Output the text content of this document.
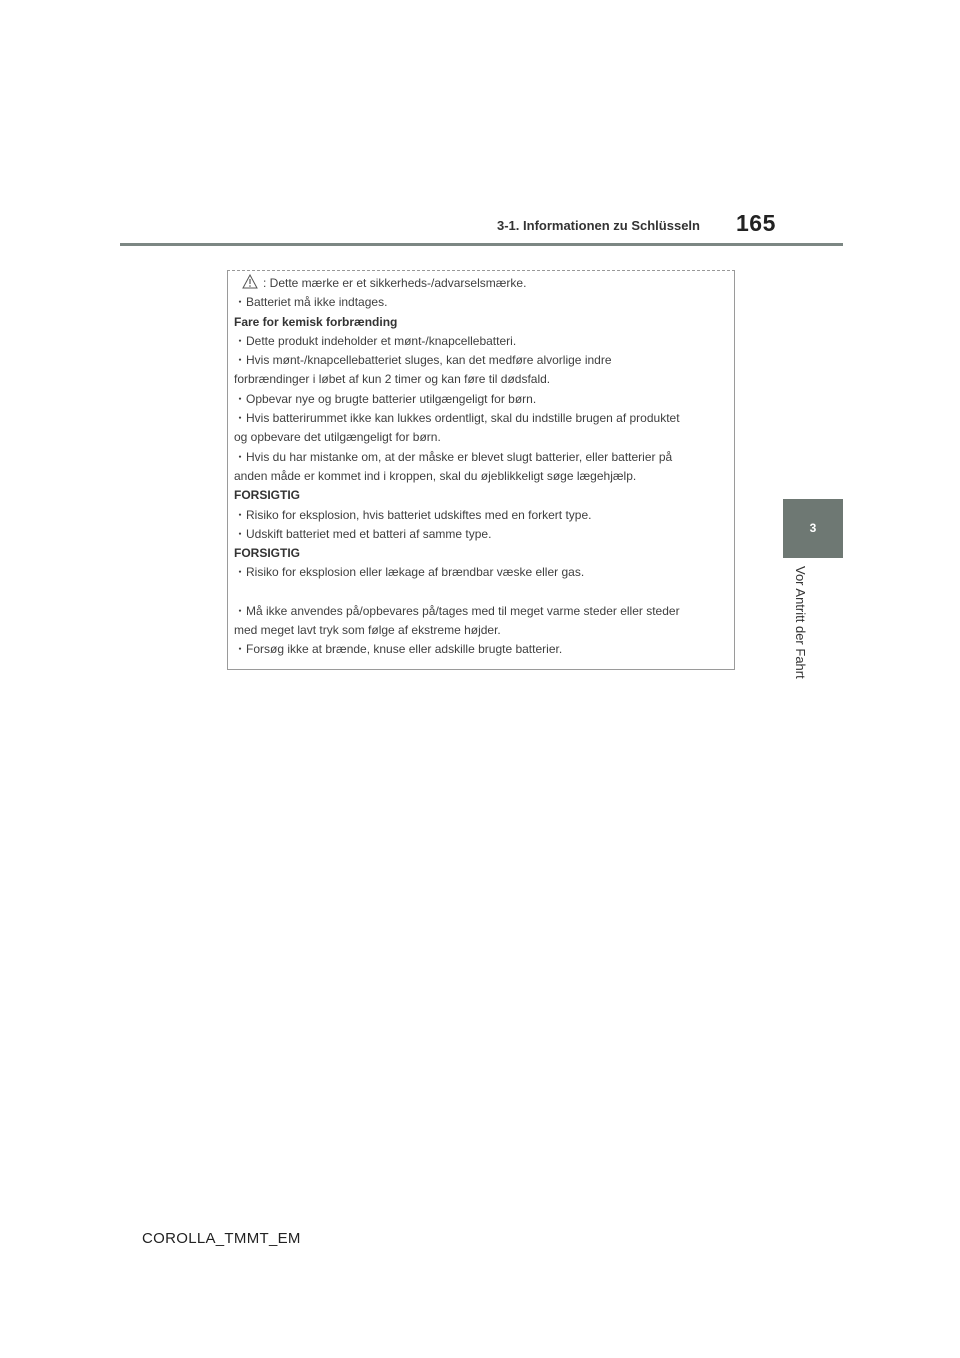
3-1. Informationen zu Schlüsseln 165
3
Vor Antritt der Fahrt
: Dette mærke er et sikkerheds-/advarselsmærke.
・Batteriet må ikke indtages.
Fare for kemisk forbrænding
・Dette produkt indeholder et mønt-/knapcellebatteri.
・Hvis mønt-/knapcellebatteriet sluges, kan det medføre alvorlige indre
forbrændinger i løbet af kun 2 timer og kan føre til dødsfald.
・Opbevar nye og brugte batterier utilgængeligt for børn.
・Hvis batterirummet ikke kan lukkes ordentligt, skal du indstille brugen af produktet
og opbevare det utilgængeligt for børn.
・Hvis du har mistanke om, at der måske er blevet slugt batterier, eller batterier på
anden måde er kommet ind i kroppen, skal du øjeblikkeligt søge lægehjælp.
FORSIGTIG
・Risiko for eksplosion, hvis batteriet udskiftes med en forkert type.
・Udskift batteriet med et batteri af samme type.
FORSIGTIG
・Risiko for eksplosion eller lækage af brændbar væske eller gas.
・Må ikke anvendes på/opbevares på/tages med til meget varme steder eller steder
med meget lavt tryk som følge af ekstreme højder.
・Forsøg ikke at brænde, knuse eller adskille brugte batterier.
COROLLA_TMMT_EM
